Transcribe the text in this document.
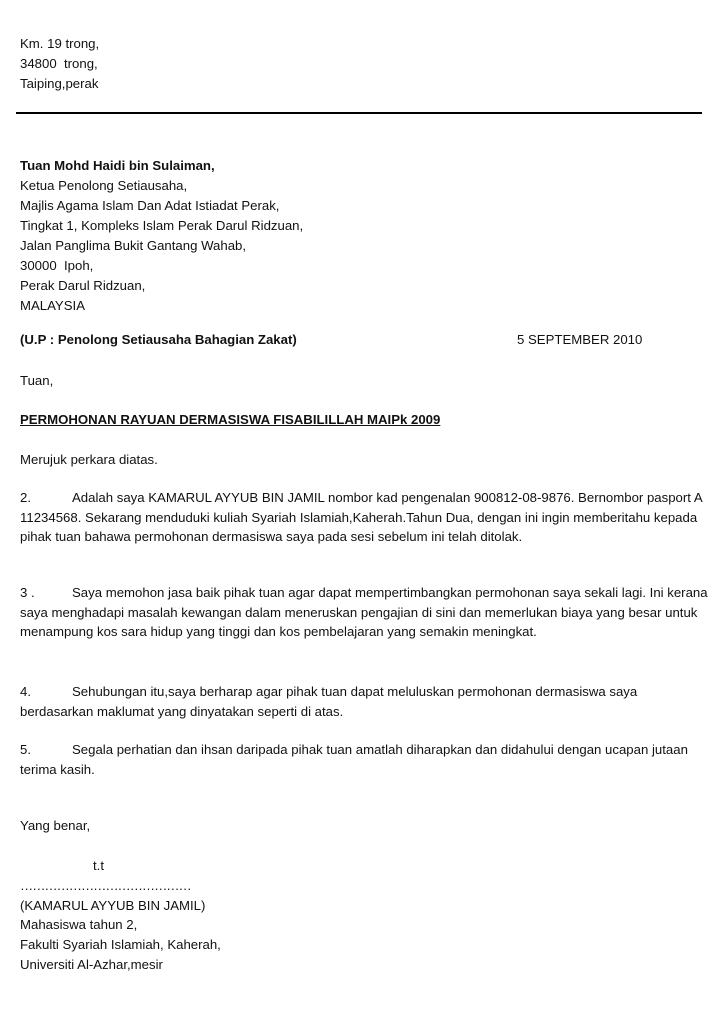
Km. 19 trong,
34800  trong,
Taiping,perak
Tuan Mohd Haidi bin Sulaiman,
Ketua Penolong Setiausaha,
Majlis Agama Islam Dan Adat Istiadat Perak,
Tingkat 1, Kompleks Islam Perak Darul Ridzuan,
Jalan Panglima Bukit Gantang Wahab,
30000  Ipoh,
Perak Darul Ridzuan,
MALAYSIA
(U.P : Penolong Setiausaha Bahagian Zakat)	5 SEPTEMBER 2010
Tuan,
PERMOHONAN RAYUAN DERMASISWA FISABILILLAH MAIPk 2009
Merujuk perkara diatas.
2.	Adalah saya KAMARUL AYYUB BIN JAMIL nombor kad pengenalan 900812-08-9876. Bernombor pasport A 11234568. Sekarang menduduki kuliah Syariah Islamiah,Kaherah.Tahun Dua, dengan ini ingin memberitahu kepada pihak tuan bahawa permohonan dermasiswa saya pada sesi sebelum ini telah ditolak.
3 .	Saya memohon jasa baik pihak tuan agar dapat mempertimbangkan permohonan saya sekali lagi. Ini kerana saya menghadapi masalah kewangan dalam meneruskan pengajian di sini dan memerlukan biaya yang besar untuk menampung kos sara hidup yang tinggi dan kos pembelajaran yang semakin meningkat.
4.	Sehubungan itu,saya berharap agar pihak tuan dapat meluluskan permohonan dermasiswa saya berdasarkan maklumat yang dinyatakan seperti di atas.
5.	Segala perhatian dan ihsan daripada pihak tuan amatlah diharapkan dan didahului dengan ucapan jutaan terima kasih.
Yang benar,
t.t
……………………………………
(KAMARUL AYYUB BIN JAMIL)
Mahasiswa tahun 2,
Fakulti Syariah Islamiah, Kaherah,
Universiti Al-Azhar,mesir
